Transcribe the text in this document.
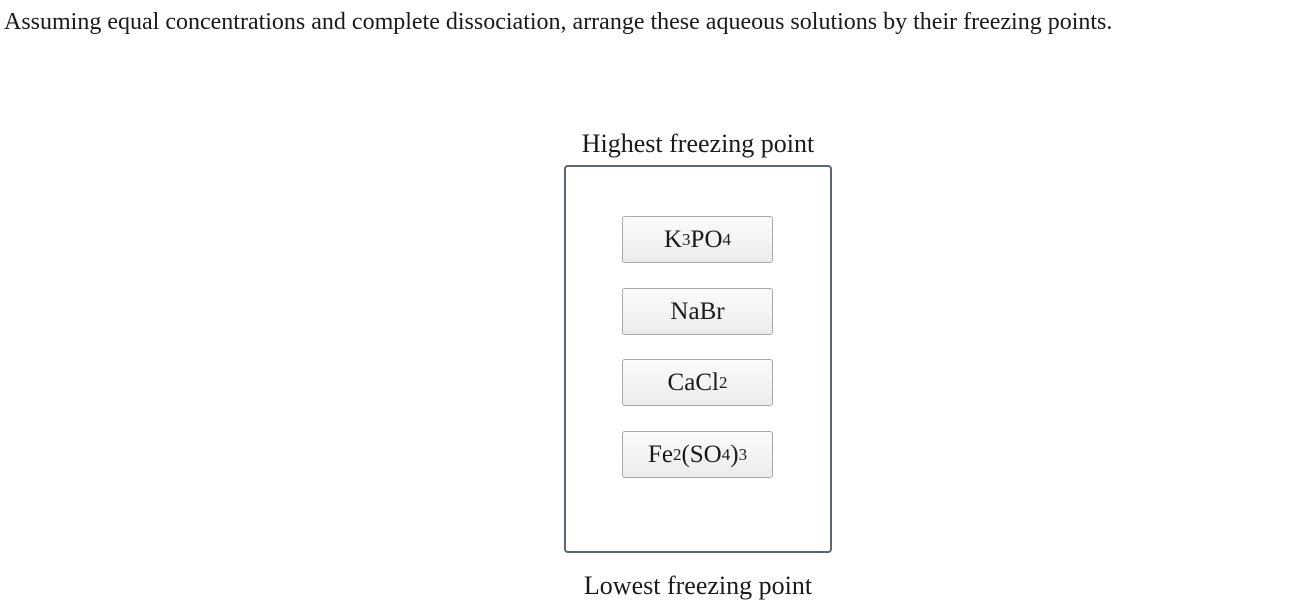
Assuming equal concentrations and complete dissociation, arrange these aqueous solutions by their freezing points.
Highest freezing point
K 3 PO 4
NaBr
CaCl 2
Fe 2 (SO 4 ) 3
Lowest freezing point
